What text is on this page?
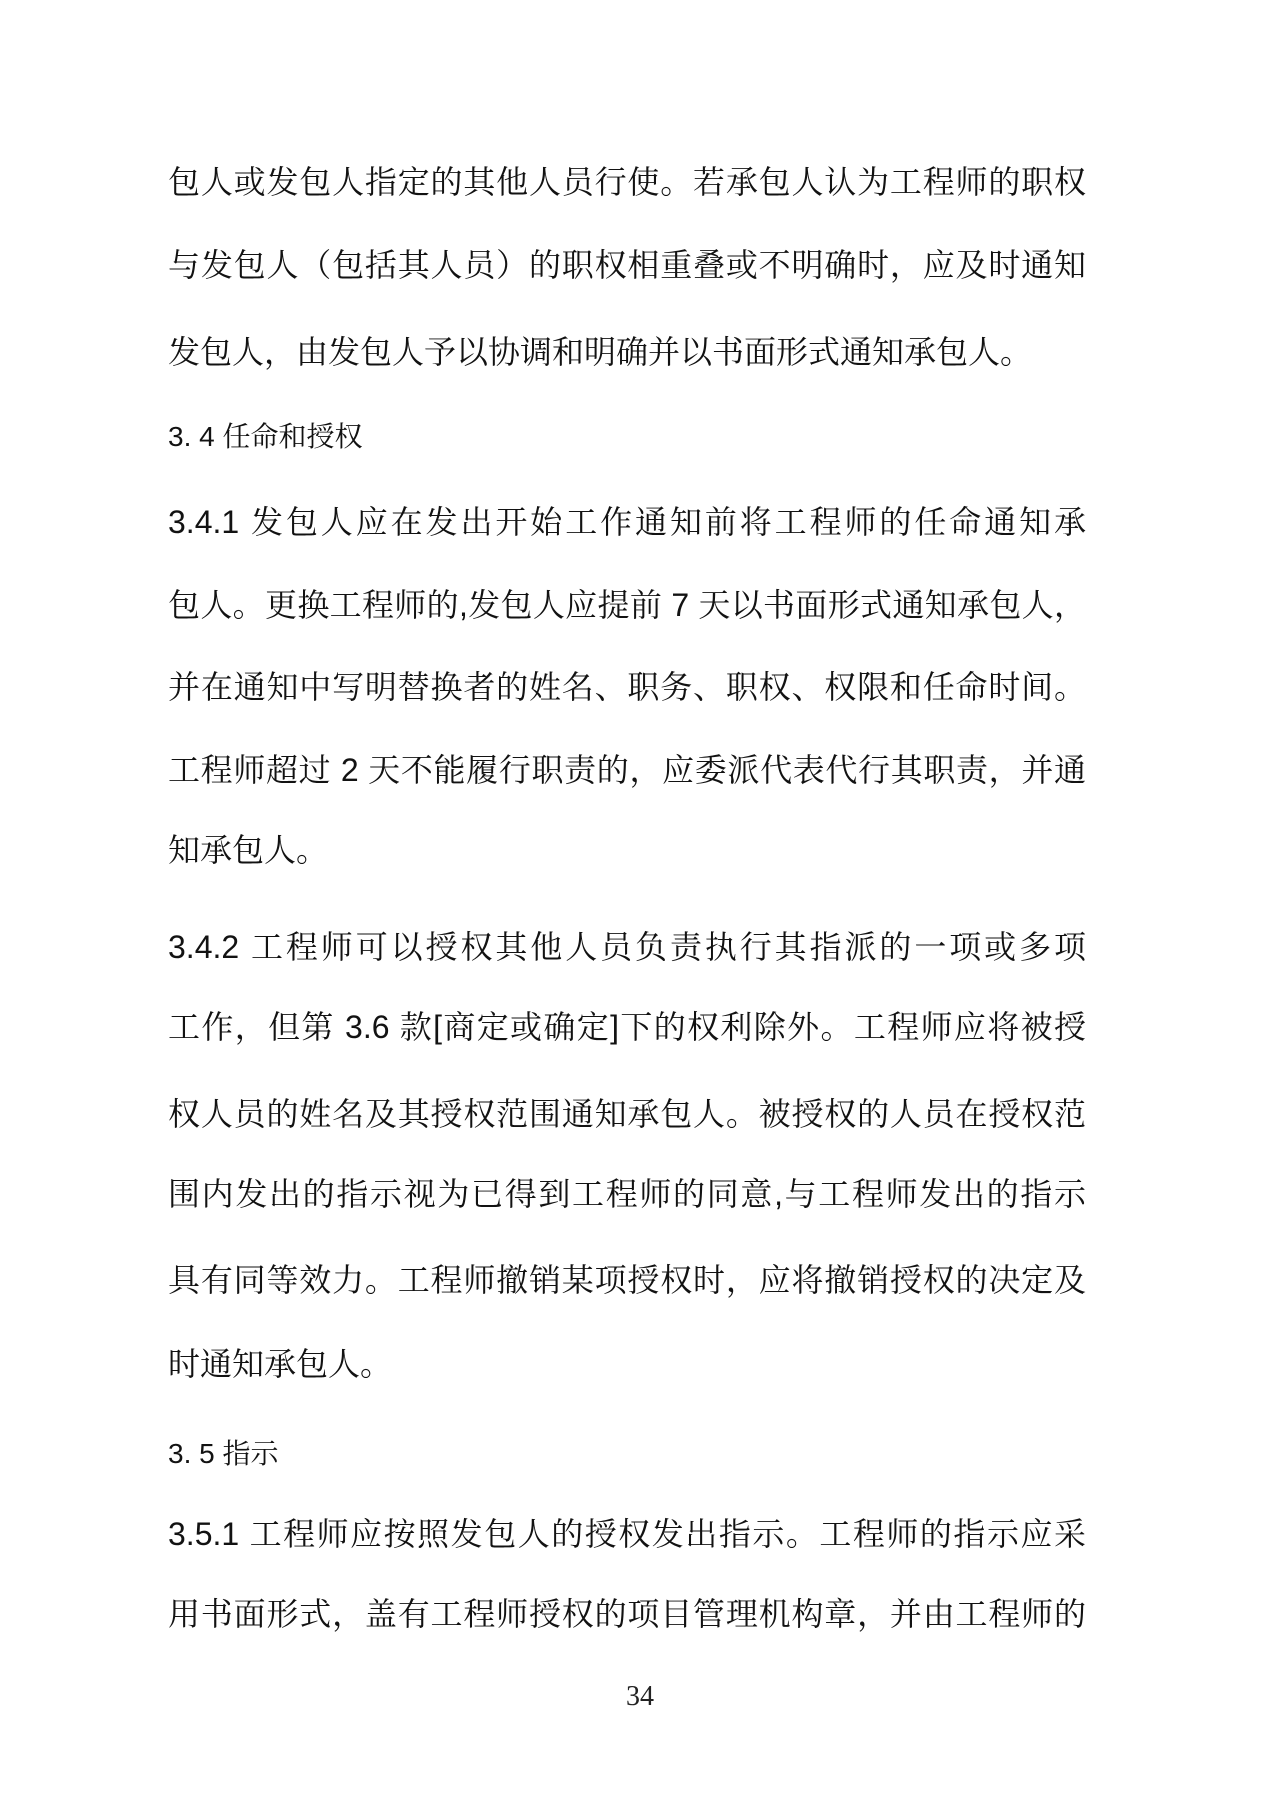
包人或发包人指定的其他人员行使。若承包人认为工程师的职权
与发包人（包括其人员）的职权相重叠或不明确时，应及时通知
发包人，由发包人予以协调和明确并以书面形式通知承包人。
3. 4 任命和授权
3.4.1 发包人应在发出开始工作通知前将工程师的任命通知承
包人。更换工程师的,发包人应提前 7 天以书面形式通知承包人，
并在通知中写明替换者的姓名、职务、职权、权限和任命时间。
工程师超过 2 天不能履行职责的，应委派代表代行其职责，并通
知承包人。
3.4.2 工程师可以授权其他人员负责执行其指派的一项或多项
工作，但第 3.6 款[商定或确定]下的权利除外。工程师应将被授
权人员的姓名及其授权范围通知承包人。被授权的人员在授权范
围内发出的指示视为已得到工程师的同意,与工程师发出的指示
具有同等效力。工程师撤销某项授权时，应将撤销授权的决定及
时通知承包人。
3. 5 指示
3.5.1 工程师应按照发包人的授权发出指示。工程师的指示应采
用书面形式，盖有工程师授权的项目管理机构章，并由工程师的
34
